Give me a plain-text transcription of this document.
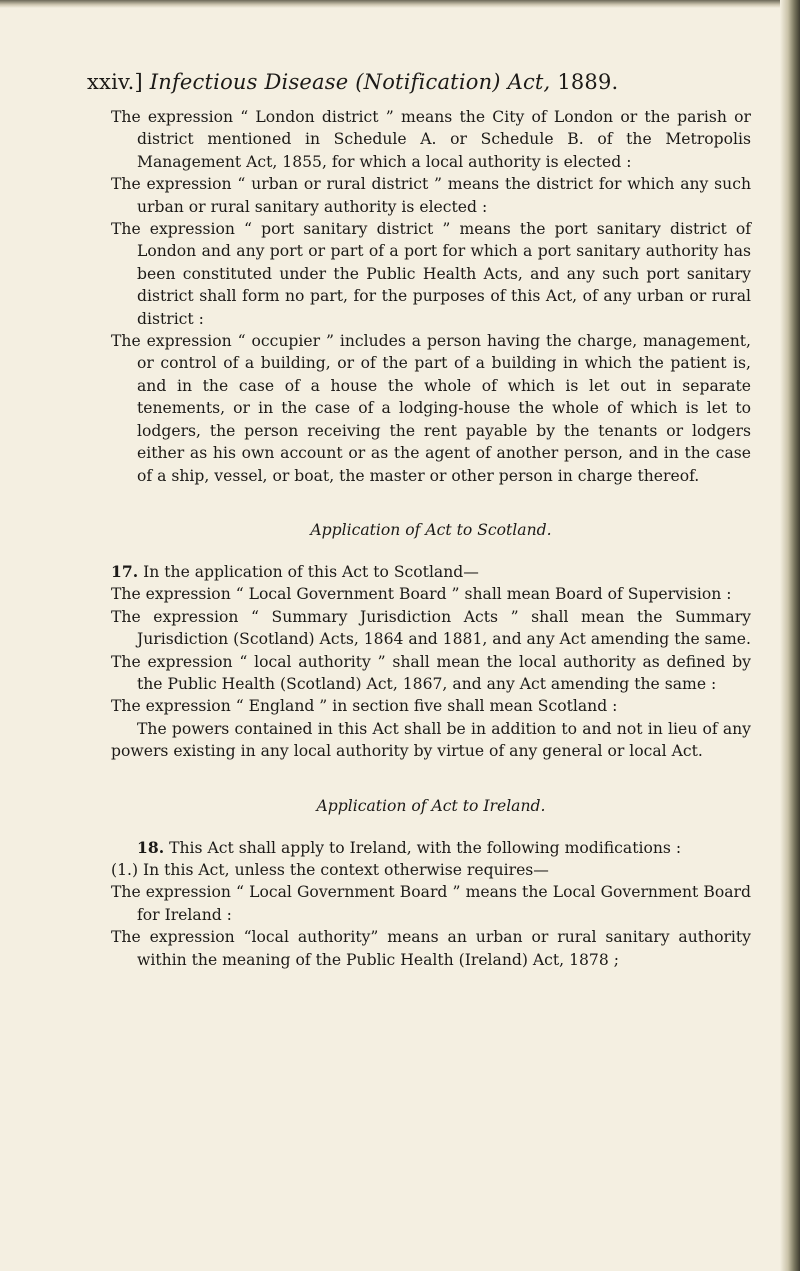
xxiv.] Infectious Disease (Notification) Act, 1889.

The expression “ London district ” means the City of London or the parish or district mentioned in Schedule A. or Schedule B. of the Metropolis Management Act, 1855, for which a local authority is elected :

The expression “ urban or rural district ” means the district for which any such urban or rural sanitary authority is elected :

The expression “ port sanitary district ” means the port sanitary district of London and any port or part of a port for which a port sanitary authority has been constituted under the Public Health Acts, and any such port sanitary district shall form no part, for the purposes of this Act, of any urban or rural district :

The expression “ occupier ” includes a person having the charge, management, or control of a building, or of the part of a building in which the patient is, and in the case of a house the whole of which is let out in separate tenements, or in the case of a lodging-house the whole of which is let to lodgers, the person receiving the rent payable by the tenants or lodgers either as his own account or as the agent of another person, and in the case of a ship, vessel, or boat, the master or other person in charge thereof.

Application of Act to Scotland.

17. In the application of this Act to Scotland—

The expression “ Local Government Board ” shall mean Board of Supervision :

The expression “ Summary Jurisdiction Acts ” shall mean the Summary Jurisdiction (Scotland) Acts, 1864 and 1881, and any Act amending the same.

The expression “ local authority ” shall mean the local authority as defined by the Public Health (Scotland) Act, 1867, and any Act amending the same :

The expression “ England ” in section five shall mean Scotland :

The powers contained in this Act shall be in addition to and not in lieu of any powers existing in any local authority by virtue of any general or local Act.

Application of Act to Ireland.

18. This Act shall apply to Ireland, with the following modifications :

(1.) In this Act, unless the context otherwise requires—

The expression “ Local Government Board ” means the Local Government Board for Ireland :

The expression “local authority” means an urban or rural sanitary authority within the meaning of the Public Health (Ireland) Act, 1878 ;
